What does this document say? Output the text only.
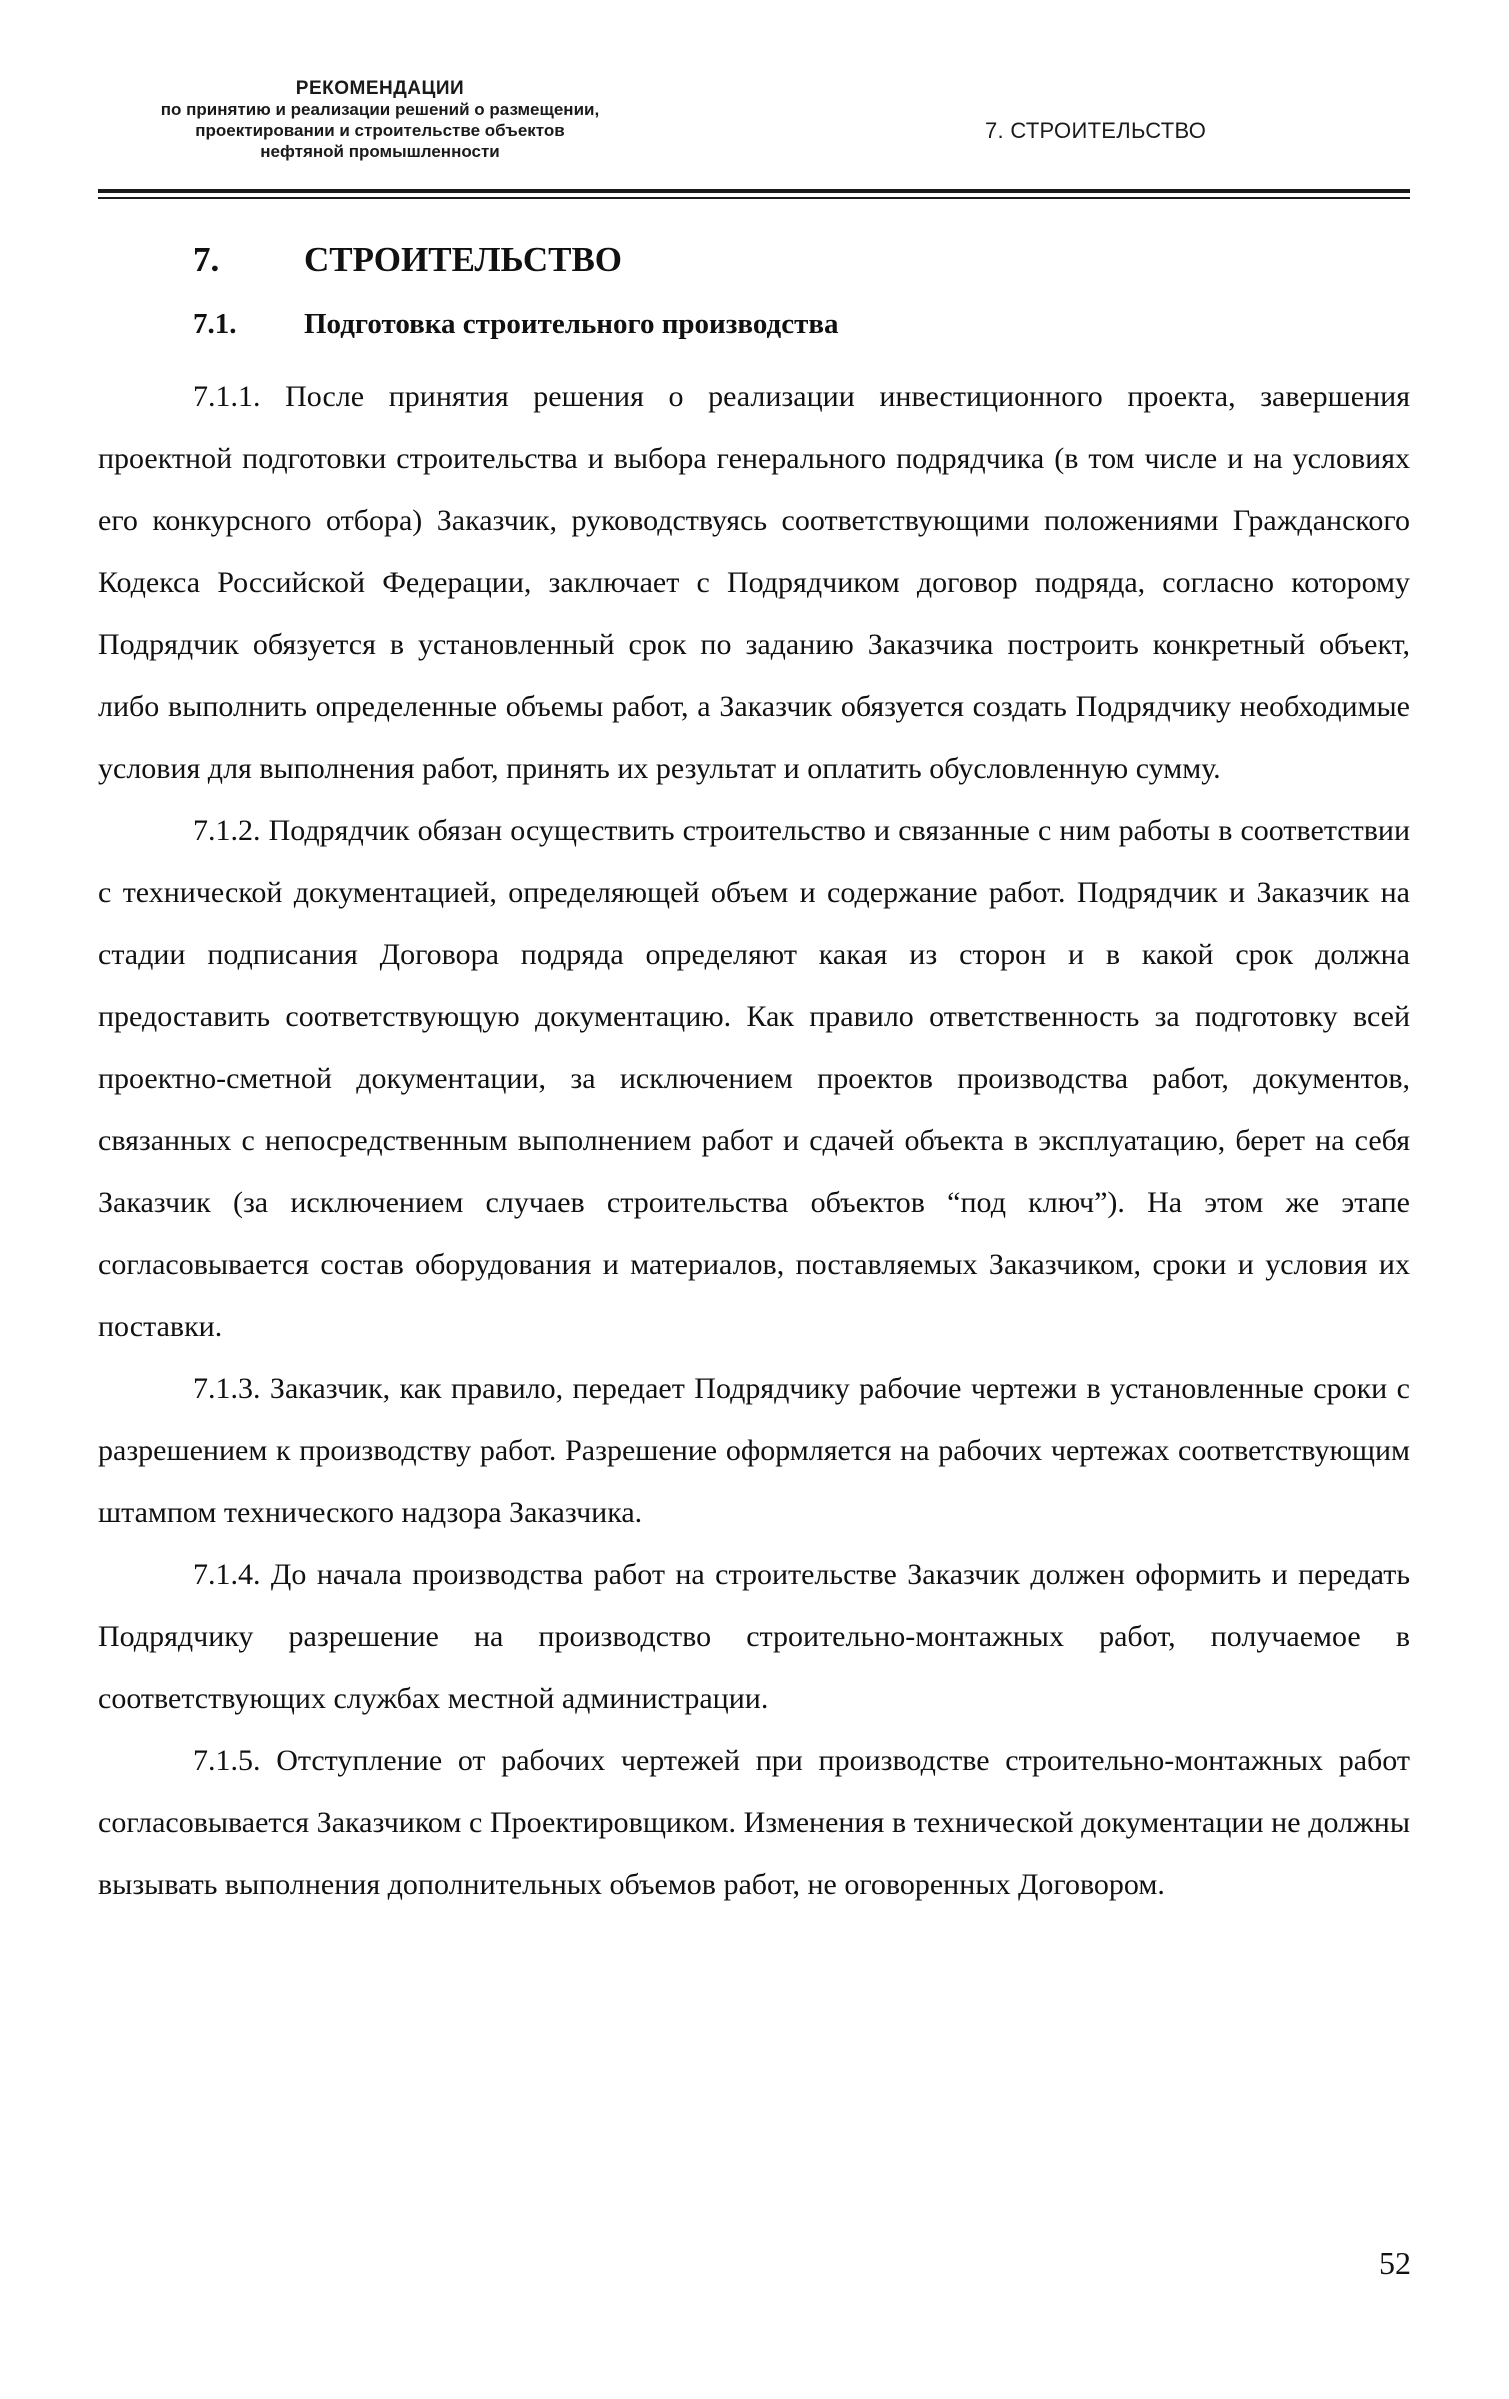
РЕКОМЕНДАЦИИ
по принятию и реализации решений о размещении,
проектировании и строительстве объектов
нефтяной промышленности
7. СТРОИТЕЛЬСТВО
7. СТРОИТЕЛЬСТВО
7.1. Подготовка строительного производства

7.1.1. После принятия решения о реализации инвестиционного проекта, завершения проектной подготовки строительства и выбора генерального подрядчика (в том числе и на условиях его конкурсного отбора) Заказчик, руководствуясь соответствующими положениями Гражданского Кодекса Российской Федерации, заключает с Подрядчиком договор подряда, согласно которому Подрядчик обязуется в установленный срок по заданию Заказчика построить конкретный объект, либо выполнить определенные объемы работ, а Заказчик обязуется создать Подрядчику необходимые условия для выполнения работ, принять их результат и оплатить обусловленную сумму.

7.1.2. Подрядчик обязан осуществить строительство и связанные с ним работы в соответствии с технической документацией, определяющей объем и содержание работ. Подрядчик и Заказчик на стадии подписания Договора подряда определяют какая из сторон и в какой срок должна предоставить соответствующую документацию. Как правило ответственность за подготовку всей проектно-сметной документации, за исключением проектов производства работ, документов, связанных с непосредственным выполнением работ и сдачей объекта в эксплуатацию, берет на себя Заказчик (за исключением случаев строительства объектов “под ключ”). На этом же этапе согласовывается состав оборудования и материалов, поставляемых Заказчиком, сроки и условия их поставки.

7.1.3. Заказчик, как правило, передает Подрядчику рабочие чертежи в установленные сроки с разрешением к производству работ. Разрешение оформляется на рабочих чертежах соответствующим штампом технического надзора Заказчика.

7.1.4. До начала производства работ на строительстве Заказчик должен оформить и передать Подрядчику разрешение на производство строительно-монтажных работ, получаемое в соответствующих службах местной администрации.

7.1.5. Отступление от рабочих чертежей при производстве строительно-монтажных работ согласовывается Заказчиком с Проектировщиком. Изменения в технической документации не должны вызывать выполнения дополнительных объемов работ, не оговоренных Договором.

52
